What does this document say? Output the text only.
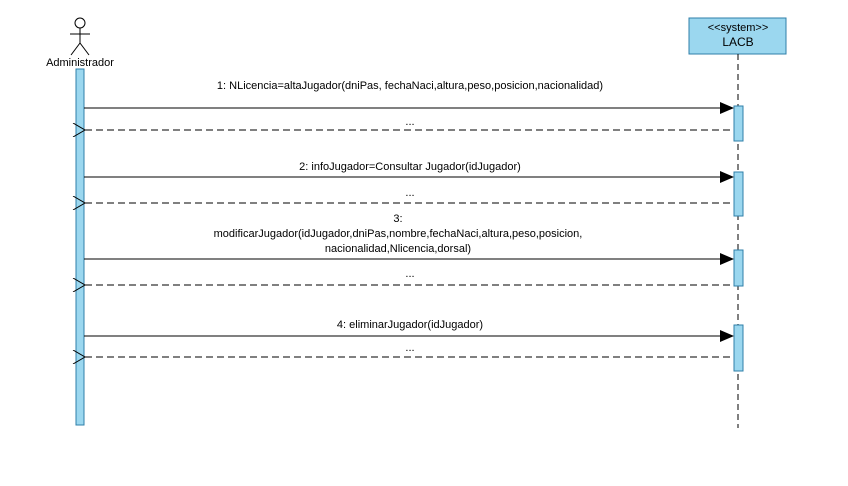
Administrador
<<system>>
LACB
1: NLicencia=altaJugador(dniPas, fechaNaci,altura,peso,posicion,nacionalidad)
...
2: infoJugador=Consultar Jugador(idJugador)
...
3:
modificarJugador(idJugador,dniPas,nombre,fechaNaci,altura,peso,posicion,
nacionalidad,Nlicencia,dorsal)
...
4: eliminarJugador(idJugador)
...
